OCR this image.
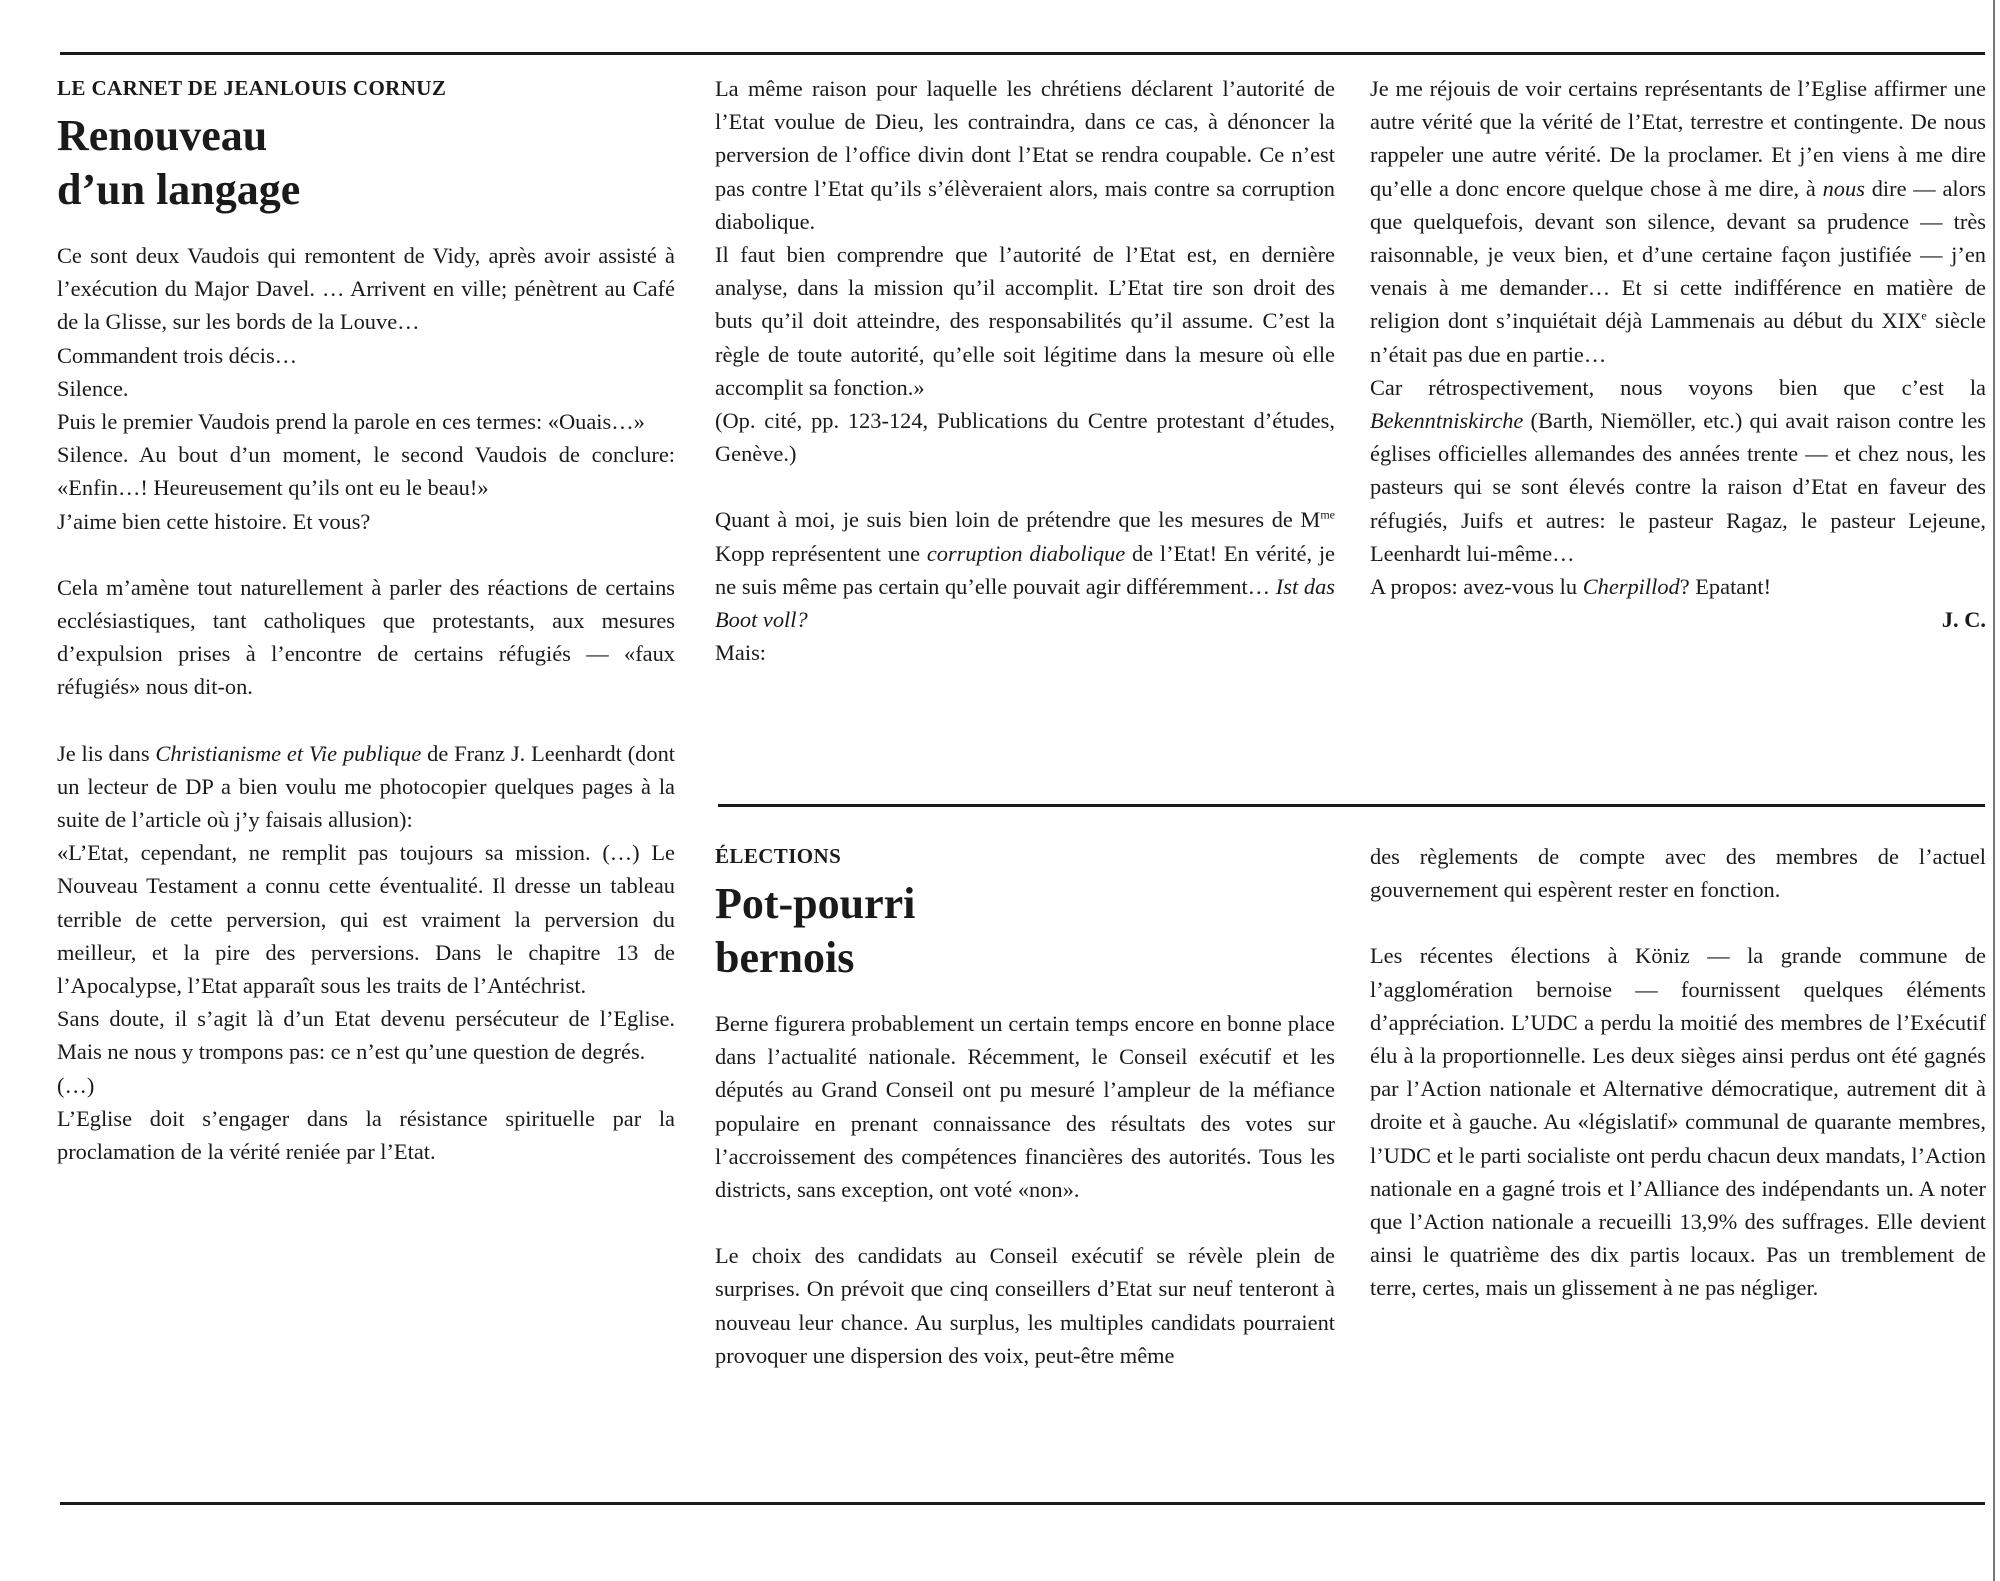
LE CARNET DE JEANLOUIS CORNUZ

Renouveau
d’un langage

Ce sont deux Vaudois qui remontent de Vidy, après avoir assisté à l’exécution du Major Davel. … Arrivent en ville; pénètrent au Café de la Glisse, sur les bords de la Louve…

Commandent trois décis…

Silence.

Puis le premier Vaudois prend la parole en ces termes: «Ouais…»

Silence. Au bout d’un moment, le second Vaudois de conclure: «Enfin…! Heureusement qu’ils ont eu le beau!»

J’aime bien cette histoire. Et vous?

Cela m’amène tout naturellement à parler des réactions de certains ecclésiastiques, tant catholiques que protestants, aux mesures d’expulsion prises à l’encontre de certains réfugiés — «faux réfugiés» nous dit-on.

Je lis dans Christianisme et Vie publique de Franz J. Leenhardt (dont un lecteur de DP a bien voulu me photocopier quelques pages à la suite de l’article où j’y faisais allusion):

«L’Etat, cependant, ne remplit pas toujours sa mission. (…) Le Nouveau Testament a connu cette éventualité. Il dresse un tableau terrible de cette perversion, qui est vraiment la perversion du meilleur, et la pire des perversions. Dans le chapitre 13 de l’Apocalypse, l’Etat apparaît sous les traits de l’Antéchrist.

Sans doute, il s’agit là d’un Etat devenu persécuteur de l’Eglise. Mais ne nous y trompons pas: ce n’est qu’une question de degrés.

(…)

L’Eglise doit s’engager dans la résistance spirituelle par la proclamation de la vérité reniée par l’Etat.

La même raison pour laquelle les chrétiens déclarent l’autorité de l’Etat voulue de Dieu, les contraindra, dans ce cas, à dénoncer la perversion de l’office divin dont l’Etat se rendra coupable. Ce n’est pas contre l’Etat qu’ils s’élèveraient alors, mais contre sa corruption diabolique.

Il faut bien comprendre que l’autorité de l’Etat est, en dernière analyse, dans la mission qu’il accomplit. L’Etat tire son droit des buts qu’il doit atteindre, des responsabilités qu’il assume. C’est la règle de toute autorité, qu’elle soit légitime dans la mesure où elle accomplit sa fonction.»

(Op. cité, pp. 123-124, Publications du Centre protestant d’études, Genève.)

Quant à moi, je suis bien loin de prétendre que les mesures de $M^{me}$ Kopp représentent une corruption diabolique de l’Etat! En vérité, je ne suis même pas certain qu’elle pouvait agir différemment… Ist das Boot voll?

Mais:

Je me réjouis de voir certains représentants de l’Eglise affirmer une autre vérité que la vérité de l’Etat, terrestre et contingente. De nous rappeler une autre vérité. De la proclamer. Et j’en viens à me dire qu’elle a donc encore quelque chose à me dire, à nous dire — alors que quelquefois, devant son silence, devant sa prudence — très raisonnable, je veux bien, et d’une certaine façon justifiée — j’en venais à me demander… Et si cette indifférence en matière de religion dont s’inquiétait déjà Lammenais au début du XIXe siècle n’était pas due en partie…

Car rétrospectivement, nous voyons bien que c’est la Bekenntniskirche (Barth, Niemöller, etc.) qui avait raison contre les églises officielles allemandes des années trente — et chez nous, les pasteurs qui se sont élevés contre la raison d’Etat en faveur des réfugiés, Juifs et autres: le pasteur Ragaz, le pasteur Lejeune, Leenhardt lui-même…

A propos: avez-vous lu Cherpillod? Epatant!

J. C.

ÉLECTIONS

Pot-pourri
bernois

Berne figurera probablement un certain temps encore en bonne place dans l’actualité nationale. Récemment, le Conseil exécutif et les députés au Grand Conseil ont pu mesuré l’ampleur de la méfiance populaire en prenant connaissance des résultats des votes sur l’accroissement des compétences financières des autorités. Tous les districts, sans exception, ont voté «non».

Le choix des candidats au Conseil exécutif se révèle plein de surprises. On prévoit que cinq conseillers d’Etat sur neuf tenteront à nouveau leur chance. Au surplus, les multiples candidats pourraient provoquer une dispersion des voix, peut-être même

des règlements de compte avec des membres de l’actuel gouvernement qui espèrent rester en fonction.

Les récentes élections à Köniz — la grande commune de l’agglomération bernoise — fournissent quelques éléments d’appréciation. L’UDC a perdu la moitié des membres de l’Exécutif élu à la proportionnelle. Les deux sièges ainsi perdus ont été gagnés par l’Action nationale et Alternative démocratique, autrement dit à droite et à gauche. Au «législatif» communal de quarante membres, l’UDC et le parti socialiste ont perdu chacun deux mandats, l’Action nationale en a gagné trois et l’Alliance des indépendants un. A noter que l’Action nationale a recueilli 13,9% des suffrages. Elle devient ainsi le quatrième des dix partis locaux. Pas un tremblement de terre, certes, mais un glissement à ne pas négliger.
